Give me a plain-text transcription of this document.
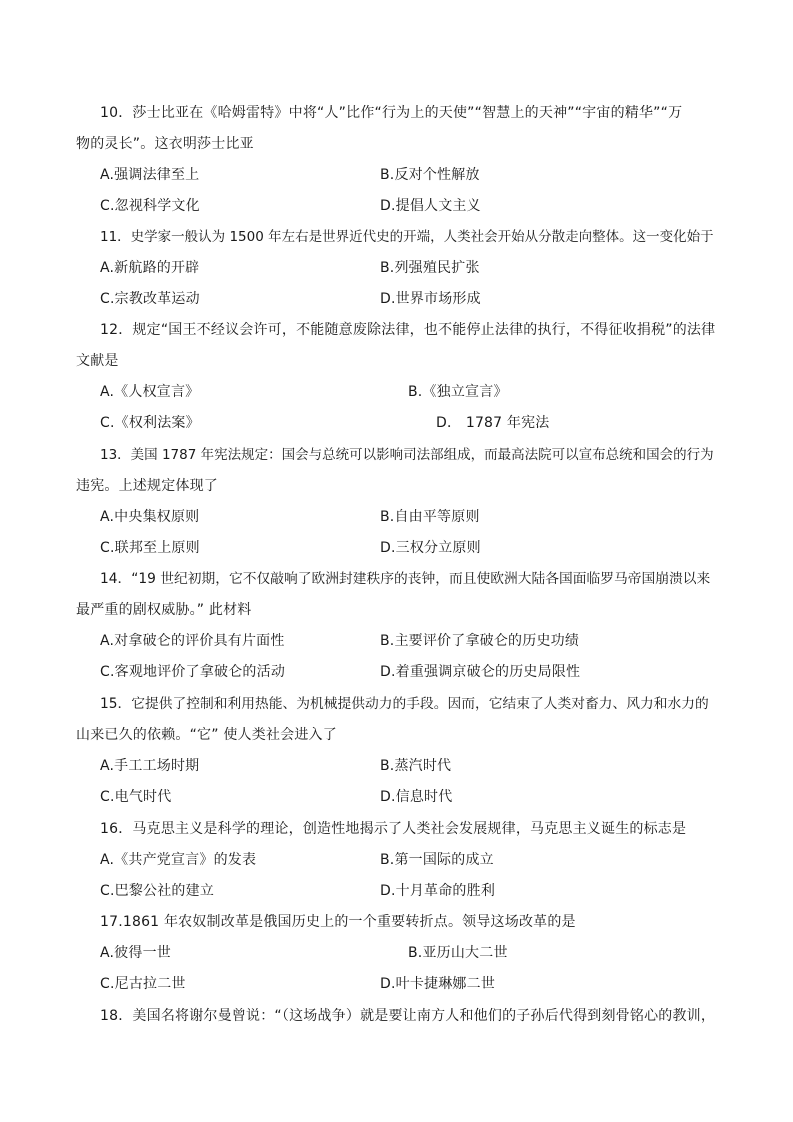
10．莎士比亚在《哈姆雷特》中将“人”比作“行为上的天使”“智慧上的天神”“宇宙的精华”“万
物的灵长”。这衣明莎士比亚
A.强调法律至上	B.反对个性解放
C.忽视科学文化	D.提倡人文主义
11．史学家一般认为 1500 年左右是世界近代史的开端，人类社会开始从分散走向整体。这一变化始于
A.新航路的开辟	B.列强殖民扩张
C.宗教改革运动	D.世界市场形成
12．规定“国王不经议会许可，不能随意废除法律，也不能停止法律的执行，不得征收捐税”的法律
文献是
A.《人权宣言》	B.《独立宣言》
C.《权利法案》	D． 1787 年宪法
13．美国 1787 年宪法规定：国会与总统可以影响司法部组成，而最高法院可以宣布总统和国会的行为
违宪。上述规定体现了
A.中央集权原则	B.自由平等原则
C.联邦至上原则	D.三权分立原则
14．“19 世纪初期，它不仅敲响了欧洲封建秩序的丧钟，而且使欧洲大陆各国面临罗马帝国崩溃以来
最严重的剧权威胁。” 此材料
A.对拿破仑的评价具有片面性	B.主要评价了拿破仑的历史功绩
C.客观地评价了拿破仑的活动	D.着重强调京破仑的历史局限性
15．它提供了控制和利用热能、为机械提供动力的手段。因而，它结束了人类对畜力、风力和水力的
山来已久的依赖。“它” 使人类社会进入了
A.手工工场时期	B.蒸汽时代
C.电气时代	D.信息时代
16．马克思主义是科学的理论，创造性地揭示了人类社会发展规律，马克思主义诞生的标志是
A.《共产党宣言》的发表	B.第一国际的成立
C.巴黎公社的建立	D.十月革命的胜利
17.1861 年农奴制改革是俄国历史上的一个重要转折点。领导这场改革的是
A.彼得一世	B.亚历山大二世
C.尼古拉二世	D.叶卡捷琳娜二世
18．美国名将谢尔曼曾说：“（这场战争）就是要让南方人和他们的子孙后代得到刻骨铭心的教训，
